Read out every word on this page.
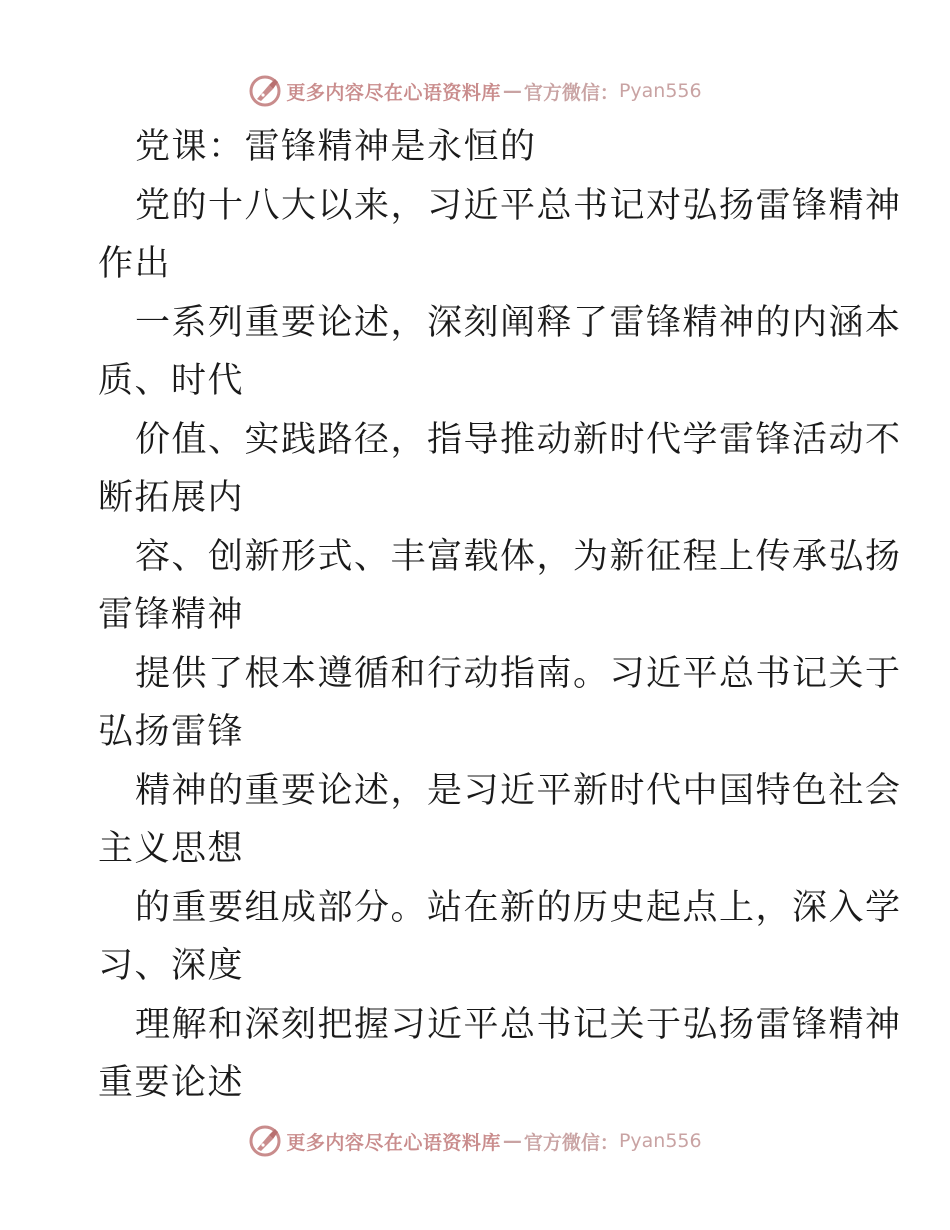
更多内容尽在心语资料库 — 官方微信： Pyan556
党课：雷锋精神是永恒的
党的十八大以来，习近平总书记对弘扬雷锋精神
作出
一系列重要论述，深刻阐释了雷锋精神的内涵本
质、时代
价值、实践路径，指导推动新时代学雷锋活动不
断拓展内
容、创新形式、丰富载体，为新征程上传承弘扬
雷锋精神
提供了根本遵循和行动指南。习近平总书记关于
弘扬雷锋
精神的重要论述，是习近平新时代中国特色社会
主义思想
的重要组成部分。站在新的历史起点上，深入学
习、深度
理解和深刻把握习近平总书记关于弘扬雷锋精神
重要论述
更多内容尽在心语资料库 — 官方微信： Pyan556
